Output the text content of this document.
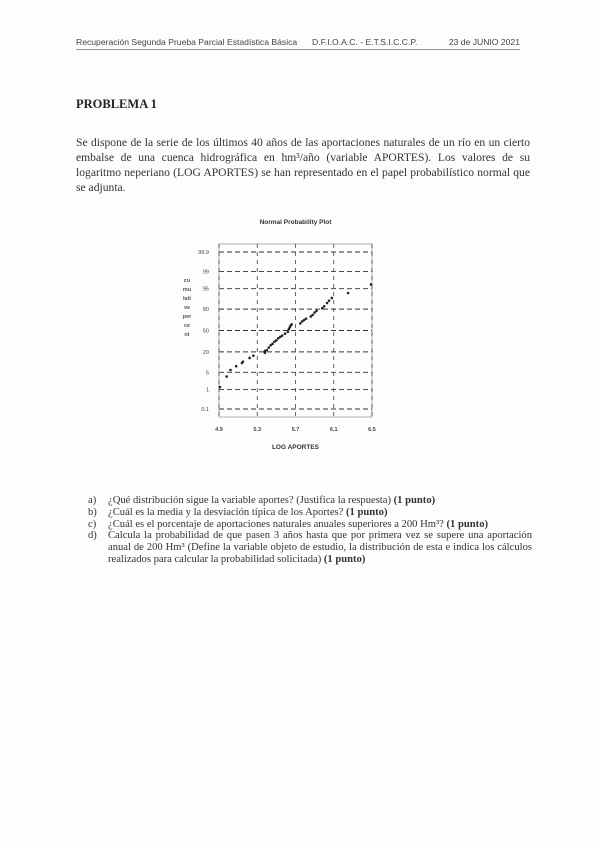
Recuperación Segunda Prueba Parcial Estadística Básica D.F.I.O.A.C. - E.T.S.I.C.C.P.	23 de JUNIO 2021
PROBLEMA 1
Se dispone de la serie de los últimos 40 años de las aportaciones naturales de un río en un cierto embalse de una cuenca hidrográfica en hm³/año (variable APORTES). Los valores de su logaritmo neperiano (LOG APORTES) se han representado en el papel probabilístico normal que se adjunta.
Normal Probability Plot
99.9
99
95
80
50
20
5
1
0.1
4.9	5.3	5.7	6.1	6.5
cu
mu
lati
ve
per
ce
nt
LOG APORTES
a)	¿Qué distribución sigue la variable aportes? (Justifica la respuesta) (1 punto)
b)	¿Cuál es la media y la desviación típica de los Aportes? (1 punto)
c)	¿Cuál es el porcentaje de aportaciones naturales anuales superiores a 200 Hm³? (1 punto)
d)	Calcula la probabilidad de que pasen 3 años hasta que por primera vez se supere una aportación anual de 200 Hm³ (Define la variable objeto de estudio, la distribución de esta e indica los cálculos realizados para calcular la probabilidad solicitada) (1 punto)
